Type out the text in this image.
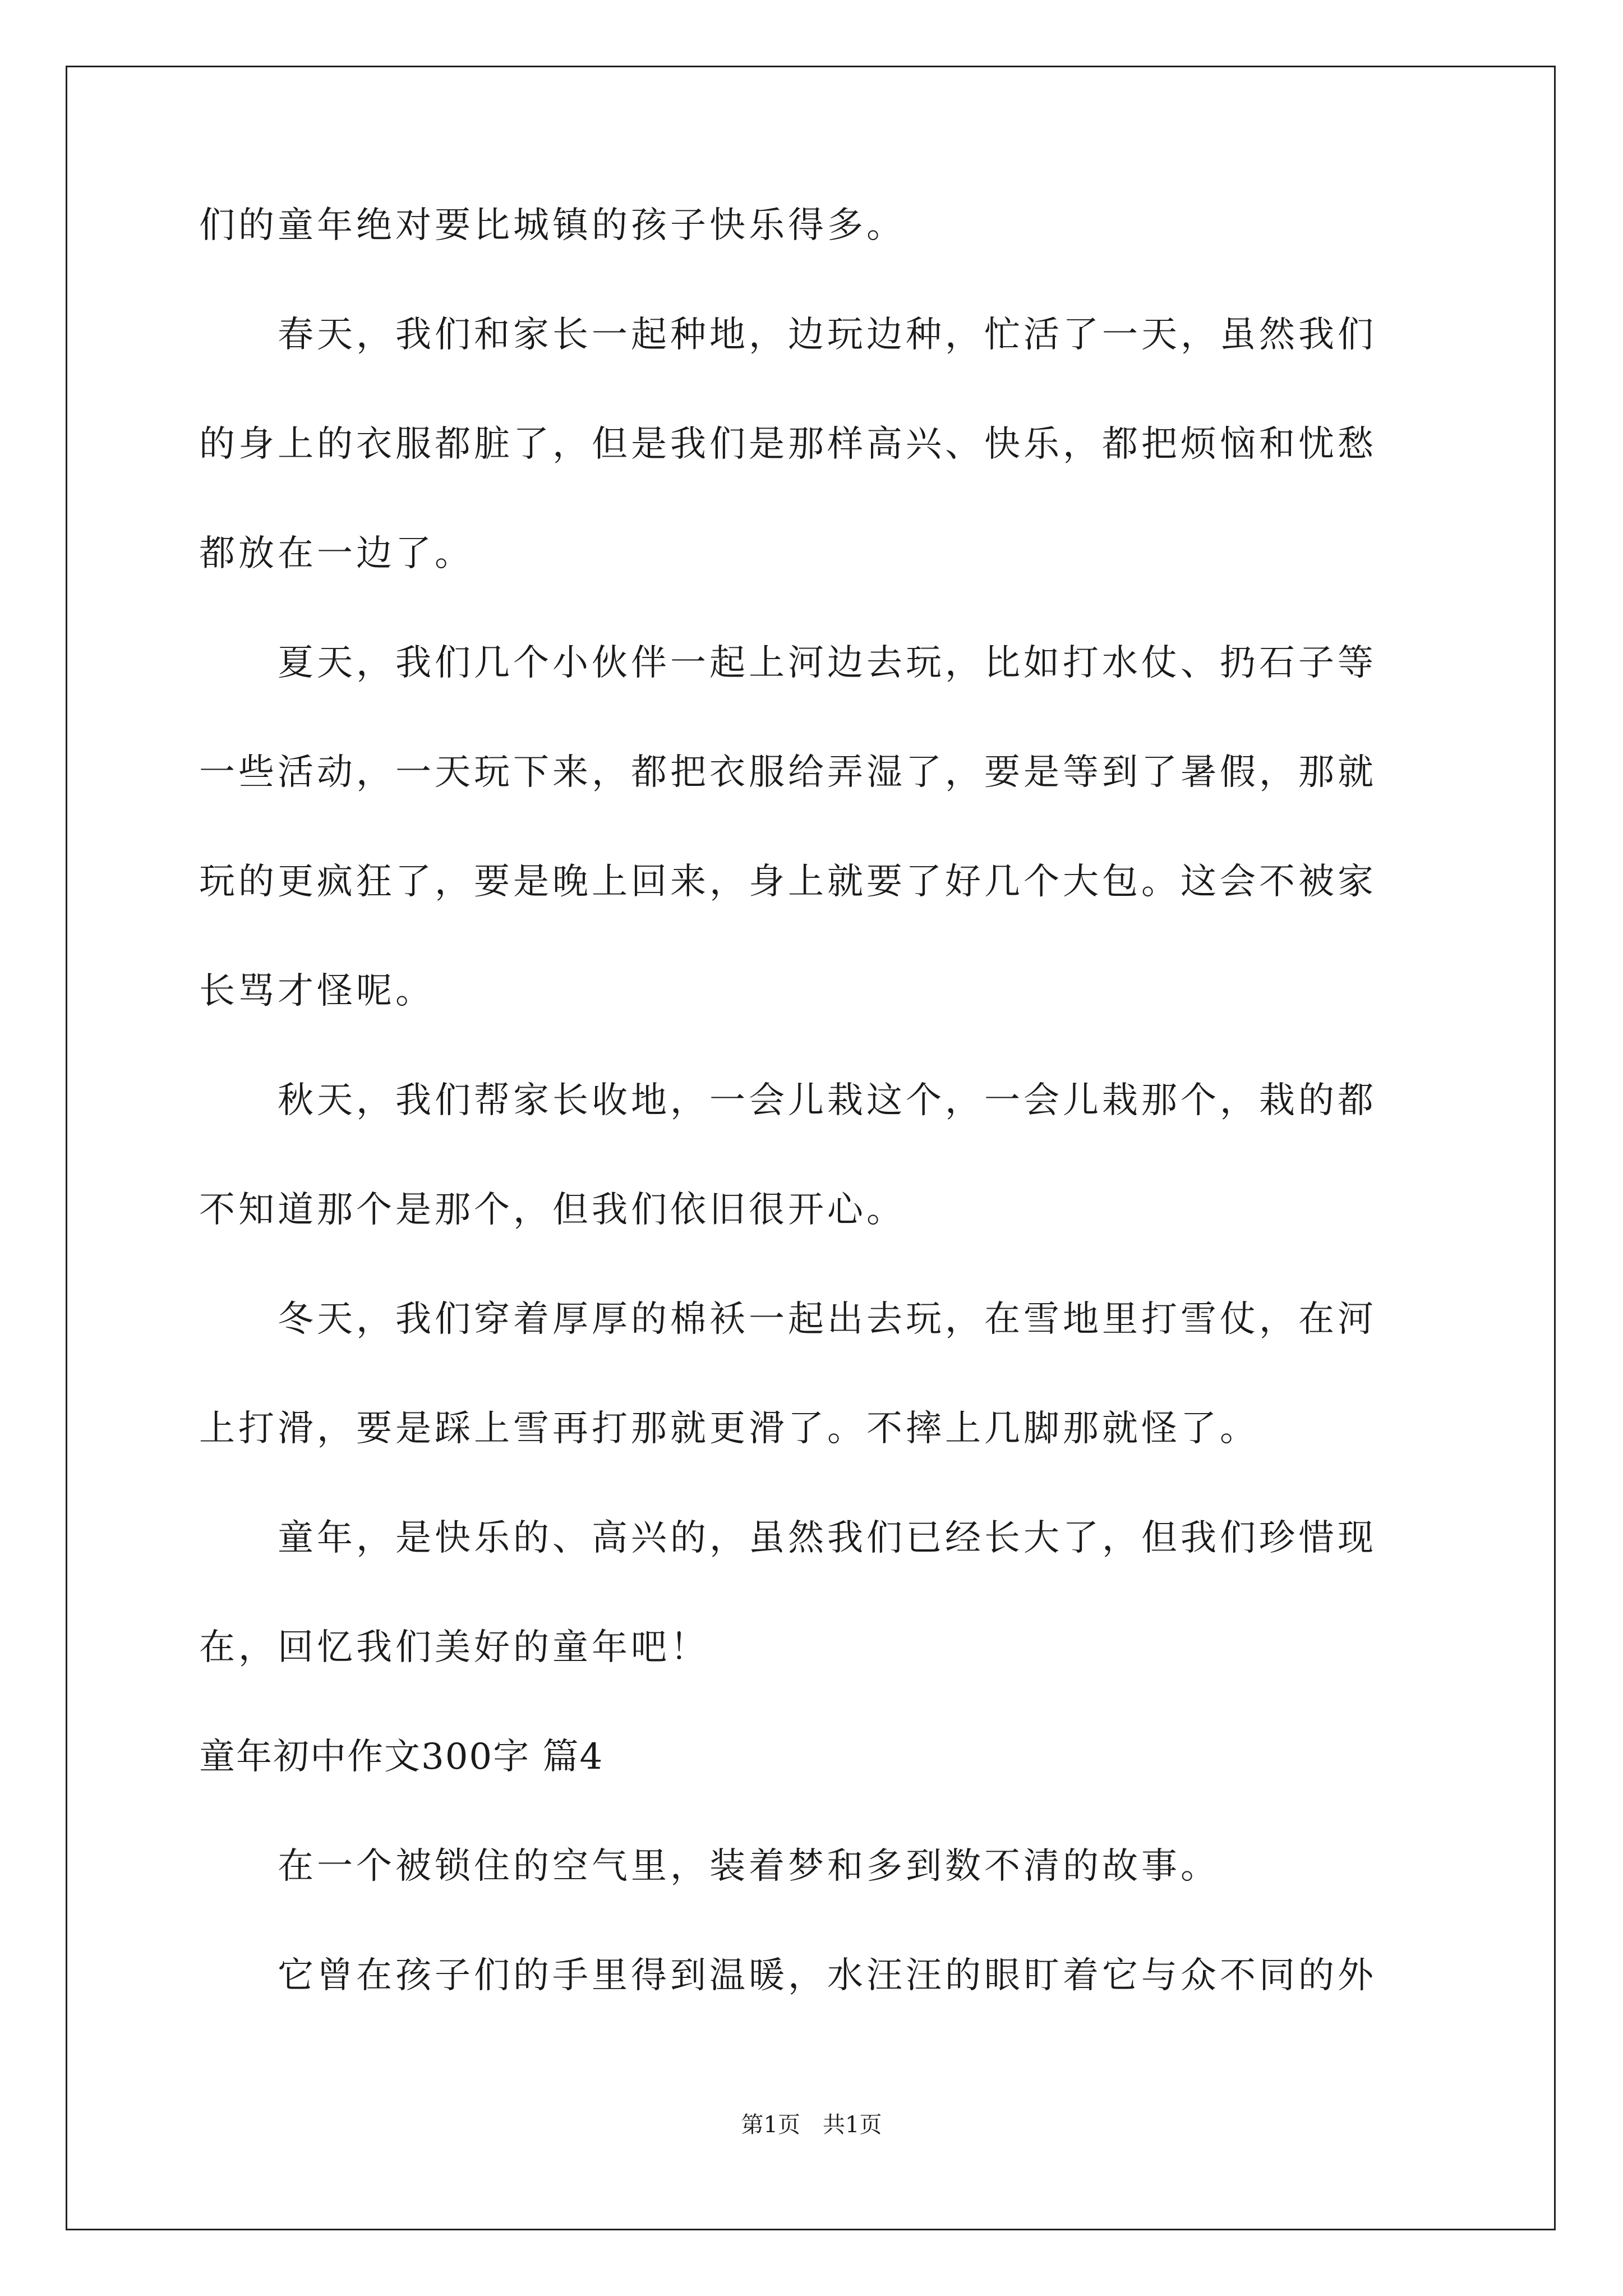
们的童年绝对要比城镇的孩子快乐得多。
　　春天，我们和家长一起种地，边玩边种，忙活了一天，虽然我们
的身上的衣服都脏了，但是我们是那样高兴、快乐，都把烦恼和忧愁
都放在一边了。
　　夏天，我们几个小伙伴一起上河边去玩，比如打水仗、扔石子等
一些活动，一天玩下来，都把衣服给弄湿了，要是等到了暑假，那就
玩的更疯狂了，要是晚上回来，身上就要了好几个大包。这会不被家
长骂才怪呢。
　　秋天，我们帮家长收地，一会儿栽这个，一会儿栽那个，栽的都
不知道那个是那个，但我们依旧很开心。
　　冬天，我们穿着厚厚的棉袄一起出去玩，在雪地里打雪仗，在河
上打滑，要是踩上雪再打那就更滑了。不摔上几脚那就怪了。
　　童年，是快乐的、高兴的，虽然我们已经长大了，但我们珍惜现
在，回忆我们美好的童年吧！
童年初中作文300字 篇4
　　在一个被锁住的空气里，装着梦和多到数不清的故事。
　　它曾在孩子们的手里得到温暖，水汪汪的眼盯着它与众不同的外
第1页　共1页
